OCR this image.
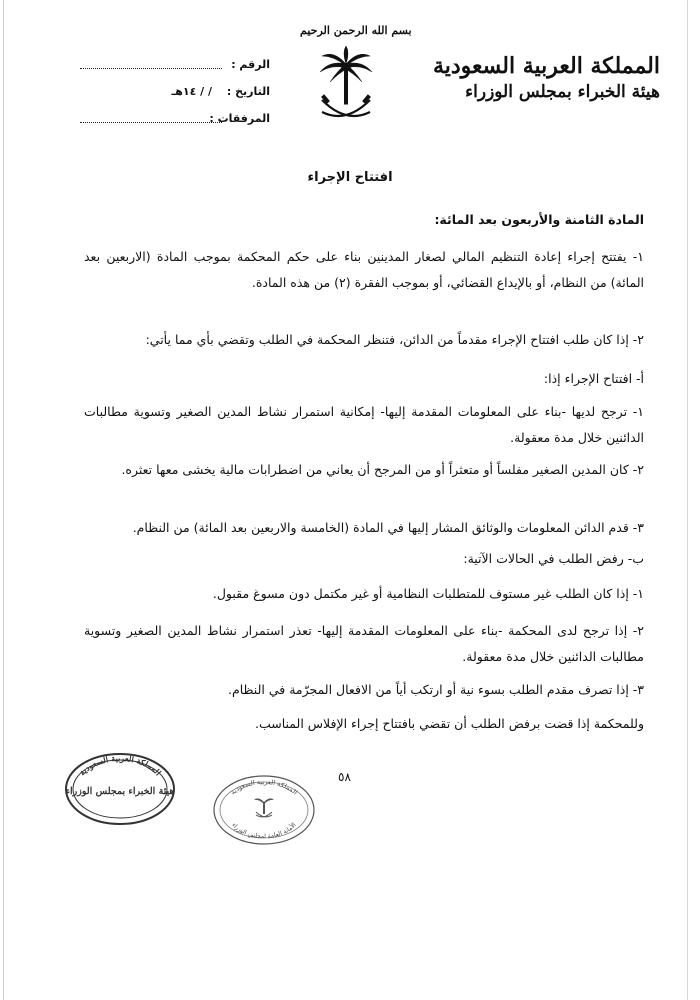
بسم الله الرحمن الرحيم
المملكة العربية السعودية
هيئة الخبراء بمجلس الوزراء
الرقم :
التاريخ :
/ / ١٤هـ
المرفقات :
افتتاح الإجراء
المادة الثامنة والأربعون بعد المائة:
١- يفتتح إجراء إعادة التنظيم المالي لصغار المدينين بناء على حكم المحكمة بموجب المادة (الاربعين بعد المائة) من النظام، أو بالإيداع القضائي، أو بموجب الفقرة (٢) من هذه المادة.
٢- إذا كان طلب افتتاح الإجراء مقدماً من الدائن، فتنظر المحكمة في الطلب وتقضي بأي مما يأتي:
أ- افتتاح الإجراء إذا:
١- ترجح لديها -بناء على المعلومات المقدمة إليها- إمكانية استمرار نشاط المدين الصغير وتسوية مطالبات الدائنين خلال مدة معقولة.
٢- كان المدين الصغير مفلساً أو متعثراً أو من المرجح أن يعاني من اضطرابات مالية يخشى معها تعثره.
٣- قدم الدائن المعلومات والوثائق المشار إليها في المادة (الخامسة والاربعين بعد المائة) من النظام.
ب- رفض الطلب في الحالات الآتية:
١- إذا كان الطلب غير مستوف للمتطلبات النظامية أو غير مكتمل دون مسوغ مقبول.
٢- إذا ترجح لدى المحكمة -بناء على المعلومات المقدمة إليها- تعذر استمرار نشاط المدين الصغير وتسوية مطالبات الدائنين خلال مدة معقولة.
٣- إذا تصرف مقدم الطلب بسوء نية أو ارتكب أياً من الافعال المجرّمة في النظام.
وللمحكمة إذا قضت برفض الطلب أن تقضي بافتتاح إجراء الإفلاس المناسب.
٥٨
المملكة العربية السعودية
هيئة الخبراء بمجلس الوزراء	المملكة العربية السعودية
الأمانة العامة لمجلس الوزراء
